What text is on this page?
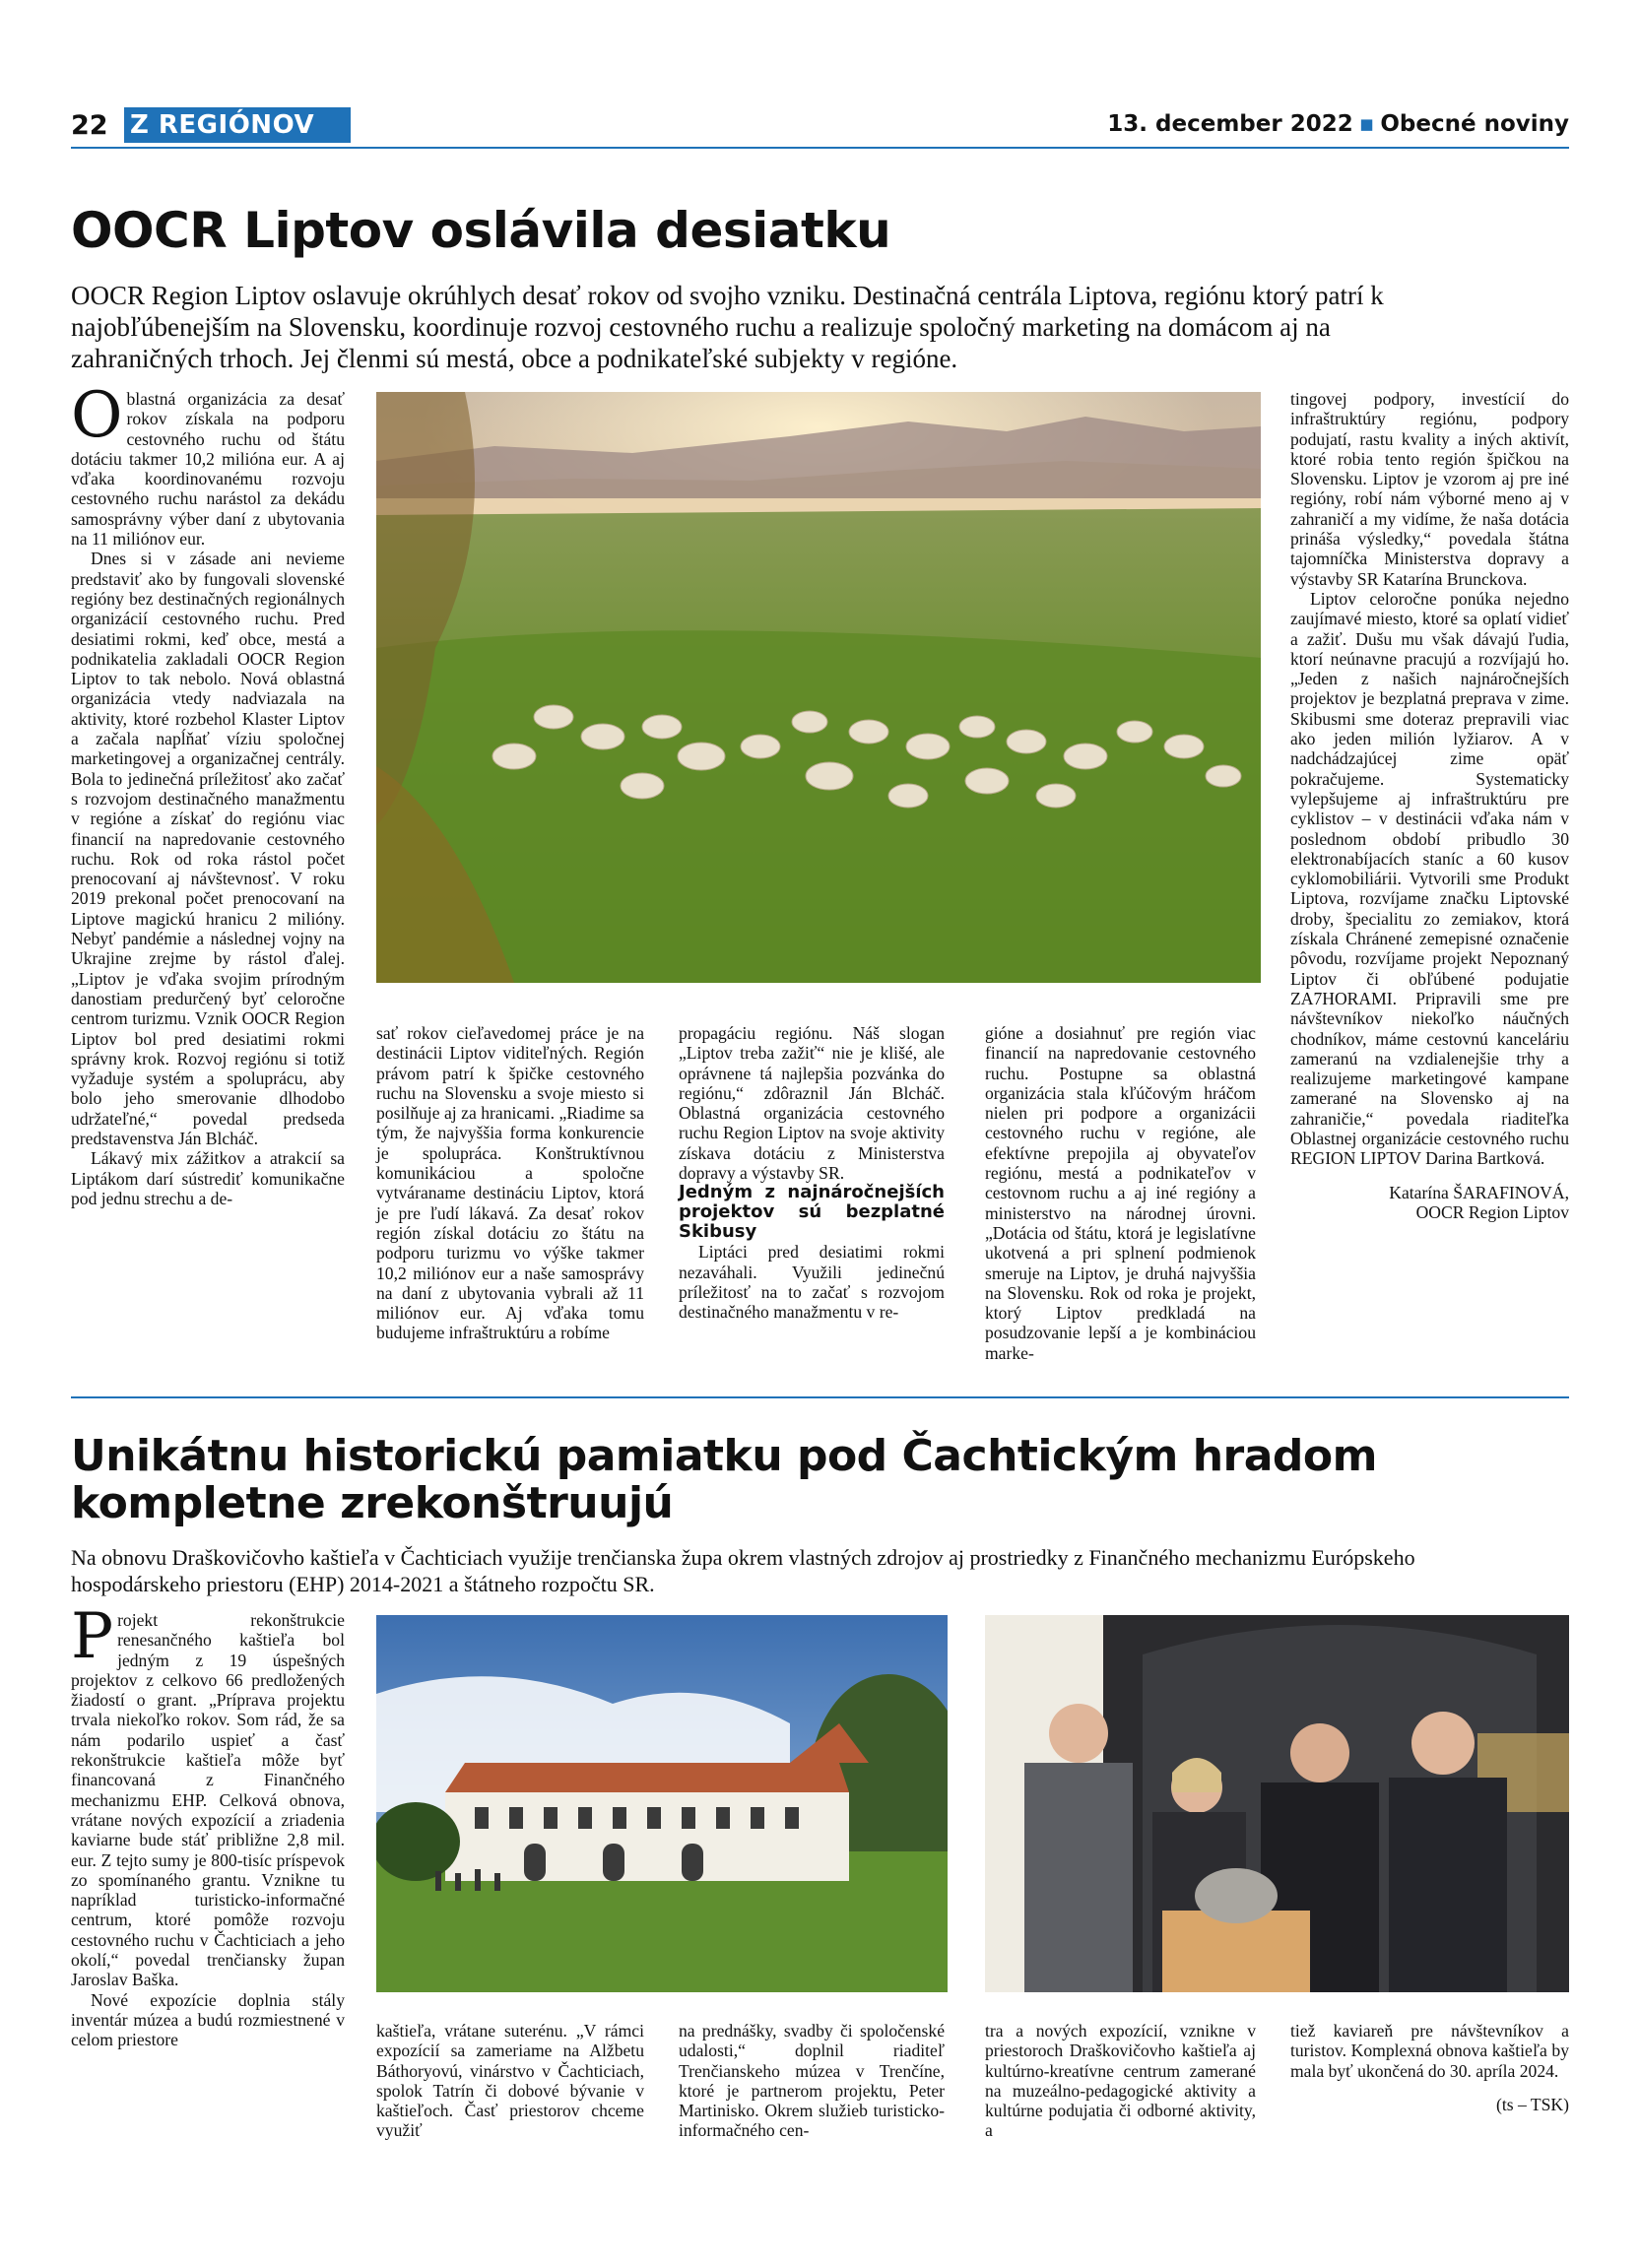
22 Z REGIÓNOV	13. december 2022 ▪ Obecné noviny
OOCR Liptov oslávila desiatku
OOCR Region Liptov oslavuje okrúhlych desať rokov od svojho vzniku. Destinačná centrála Liptova, regiónu ktorý patrí k najobľúbenejším na Slovensku, koordinuje rozvoj cestovného ruchu a realizuje spoločný marketing na domácom aj na zahraničných trhoch. Jej členmi sú mestá, obce a podnikateľské subjekty v regióne.

Oblastná organizácia za desať rokov získala na podporu cestovného ruchu od štátu dotáciu takmer 10,2 milióna eur. A aj vďaka koordinovanému rozvoju cestovného ruchu narástol za dekádu samosprávny výber daní z ubytovania na 11 miliónov eur.

Dnes si v zásade ani nevieme predstaviť ako by fungovali slovenské regióny bez destinačných regionálnych organizácií cestovného ruchu. Pred desiatimi rokmi, keď obce, mestá a podnikatelia zakladali OOCR Region Liptov to tak nebolo. Nová oblastná organizácia vtedy nadviazala na aktivity, ktoré rozbehol Klaster Liptov a začala napĺňať víziu spoločnej marketingovej a organizačnej centrály. Bola to jedinečná príležitosť ako začať s rozvojom destinačného manažmentu v regióne a získať do regiónu viac financií na napredovanie cestovného ruchu. Rok od roka rástol počet prenocovaní aj návštevnosť. V roku 2019 prekonal počet prenocovaní na Liptove magickú hranicu 2 milióny. Nebyť pandémie a následnej vojny na Ukrajine zrejme by rástol ďalej. „Liptov je vďaka svojim prírodným danostiam predurčený byť celoročne centrom turizmu. Vznik OOCR Region Liptov bol pred desiatimi rokmi správny krok. Rozvoj regiónu si totiž vyžaduje systém a spoluprácu, aby bolo jeho smerovanie dlhodobo udržateľné,“ povedal predseda predstavenstva Ján Blcháč.

Lákavý mix zážitkov a atrakcií sa Liptákom darí sústrediť komunikačne pod jednu strechu a de-

sať rokov cieľavedomej práce je na destinácii Liptov viditeľných. Región právom patrí k špičke cestovného ruchu na Slovensku a svoje miesto si posilňuje aj za hranicami. „Riadime sa tým, že najvyššia forma konkurencie je spolupráca. Konštruktívnou komunikáciou a spoločne vytváraname destináciu Liptov, ktorá je pre ľudí lákavá. Za desať rokov región získal dotáciu zo štátu na podporu turizmu vo výške takmer 10,2 miliónov eur a naše samosprávy na daní z ubytovania vybrali až 11 miliónov eur. Aj vďaka tomu budujeme infraštruktúru a robíme

propagáciu regiónu. Náš slogan „Liptov treba zažiť“ nie je klišé, ale oprávnene tá najlepšia pozvánka do regiónu,“ zdôraznil Ján Blcháč. Oblastná organizácia cestovného ruchu Region Liptov na svoje aktivity získava dotáciu z Ministerstva dopravy a výstavby SR.

Jedným z najnáročnejších projektov sú bezplatné Skibusy

Liptáci pred desiatimi rokmi nezaváhali. Využili jedinečnú príležitosť na to začať s rozvojom destinačného manažmentu v re-

gióne a dosiahnuť pre región viac financií na napredovanie cestovného ruchu. Postupne sa oblastná organizácia stala kľúčovým hráčom nielen pri podpore a organizácii cestovného ruchu v regióne, ale efektívne prepojila aj obyvateľov regiónu, mestá a podnikateľov v cestovnom ruchu a aj iné regióny a ministerstvo na národnej úrovni. „Dotácia od štátu, ktorá je legislatívne ukotvená a pri splnení podmienok smeruje na Liptov, je druhá najvyššia na Slovensku. Rok od roka je projekt, ktorý Liptov predkladá na posudzovanie lepší a je kombináciou marke-

tingovej podpory, investícií do infraštruktúry regiónu, podpory podujatí, rastu kvality a iných aktivít, ktoré robia tento región špičkou na Slovensku. Liptov je vzorom aj pre iné regióny, robí nám výborné meno aj v zahraničí a my vidíme, že naša dotácia prináša výsledky,“ povedala štátna tajomníčka Ministerstva dopravy a výstavby SR Katarína Brunckova.

Liptov celoročne ponúka nejedno zaujímavé miesto, ktoré sa oplatí vidieť a zažiť. Dušu mu však dávajú ľudia, ktorí neúnavne pracujú a rozvíjajú ho. „Jeden z našich najnáročnejších projektov je bezplatná preprava v zime. Skibusmi sme doteraz prepravili viac ako jeden milión lyžiarov. A v nadchádzajúcej zime opäť pokračujeme. Systematicky vylepšujeme aj infraštruktúru pre cyklistov – v destinácii vďaka nám v poslednom období pribudlo 30 elektronabíjacích staníc a 60 kusov cyklomobiliárii. Vytvorili sme Produkt Liptova, rozvíjame značku Liptovské droby, špecialitu zo zemiakov, ktorá získala Chránené zemepisné označenie pôvodu, rozvíjame projekt Nepoznaný Liptov či obľúbené podujatie ZA7HORAMI. Pripravili sme pre návštevníkov niekoľko náučných chodníkov, máme cestovnú kanceláriu zameranú na vzdialenejšie trhy a realizujeme marketingové kampane zamerané na Slovensko aj na zahraničie,“ povedala riaditeľka Oblastnej organizácie cestovného ruchu REGION LIPTOV Darina Bartková.

Katarína ŠARAFINOVÁ,
OOCR Region Liptov

Unikátnu historickú pamiatku pod Čachtickým hradom
kompletne zrekonštruujú
Na obnovu Draškovičovho kaštieľa v Čachticiach využije trenčianska župa okrem vlastných zdrojov aj prostriedky z Finančného mechanizmu Európskeho hospodárskeho priestoru (EHP) 2014-2021 a štátneho rozpočtu SR.

Projekt rekonštrukcie renesančného kaštieľa bol jedným z 19 úspešných projektov z celkovo 66 predložených žiadostí o grant. „Príprava projektu trvala niekoľko rokov. Som rád, že sa nám podarilo uspieť a časť rekonštrukcie kaštieľa môže byť financovaná z Finančného mechanizmu EHP. Celková obnova, vrátane nových expozícií a zriadenia kaviarne bude stáť približne 2,8 mil. eur. Z tejto sumy je 800-tisíc príspevok zo spomínaného grantu. Vznikne tu napríklad turisticko-informačné centrum, ktoré pomôže rozvoju cestovného ruchu v Čachticiach a jeho okolí,“ povedal trenčiansky župan Jaroslav Baška.

Nové expozície doplnia stály inventár múzea a budú rozmiestnené v celom priestore	kaštieľa, vrátane suterénu. „V rámci expozícií sa zameriame na Alžbetu Báthoryovú, vinárstvo v Čachticiach, spolok Tatrín či dobové bývanie v kaštieľoch. Časť priestorov chceme využiť

na prednášky, svadby či spoločenské udalosti,“ doplnil riaditeľ Trenčianskeho múzea v Trenčíne, ktoré je partnerom projektu, Peter Martinisko. Okrem služieb turisticko-informačného cen-

tra a nových expozícií, vznikne v priestoroch Draškovičovho kaštieľa aj kultúrno-kreatívne centrum zamerané na muzeálno-pedagogické aktivity a kultúrne podujatia či odborné aktivity, a

tiež kaviareň pre návštevníkov a turistov. Komplexná obnova kaštieľa by mala byť ukončená do 30. apríla 2024.

(ts – TSK)
